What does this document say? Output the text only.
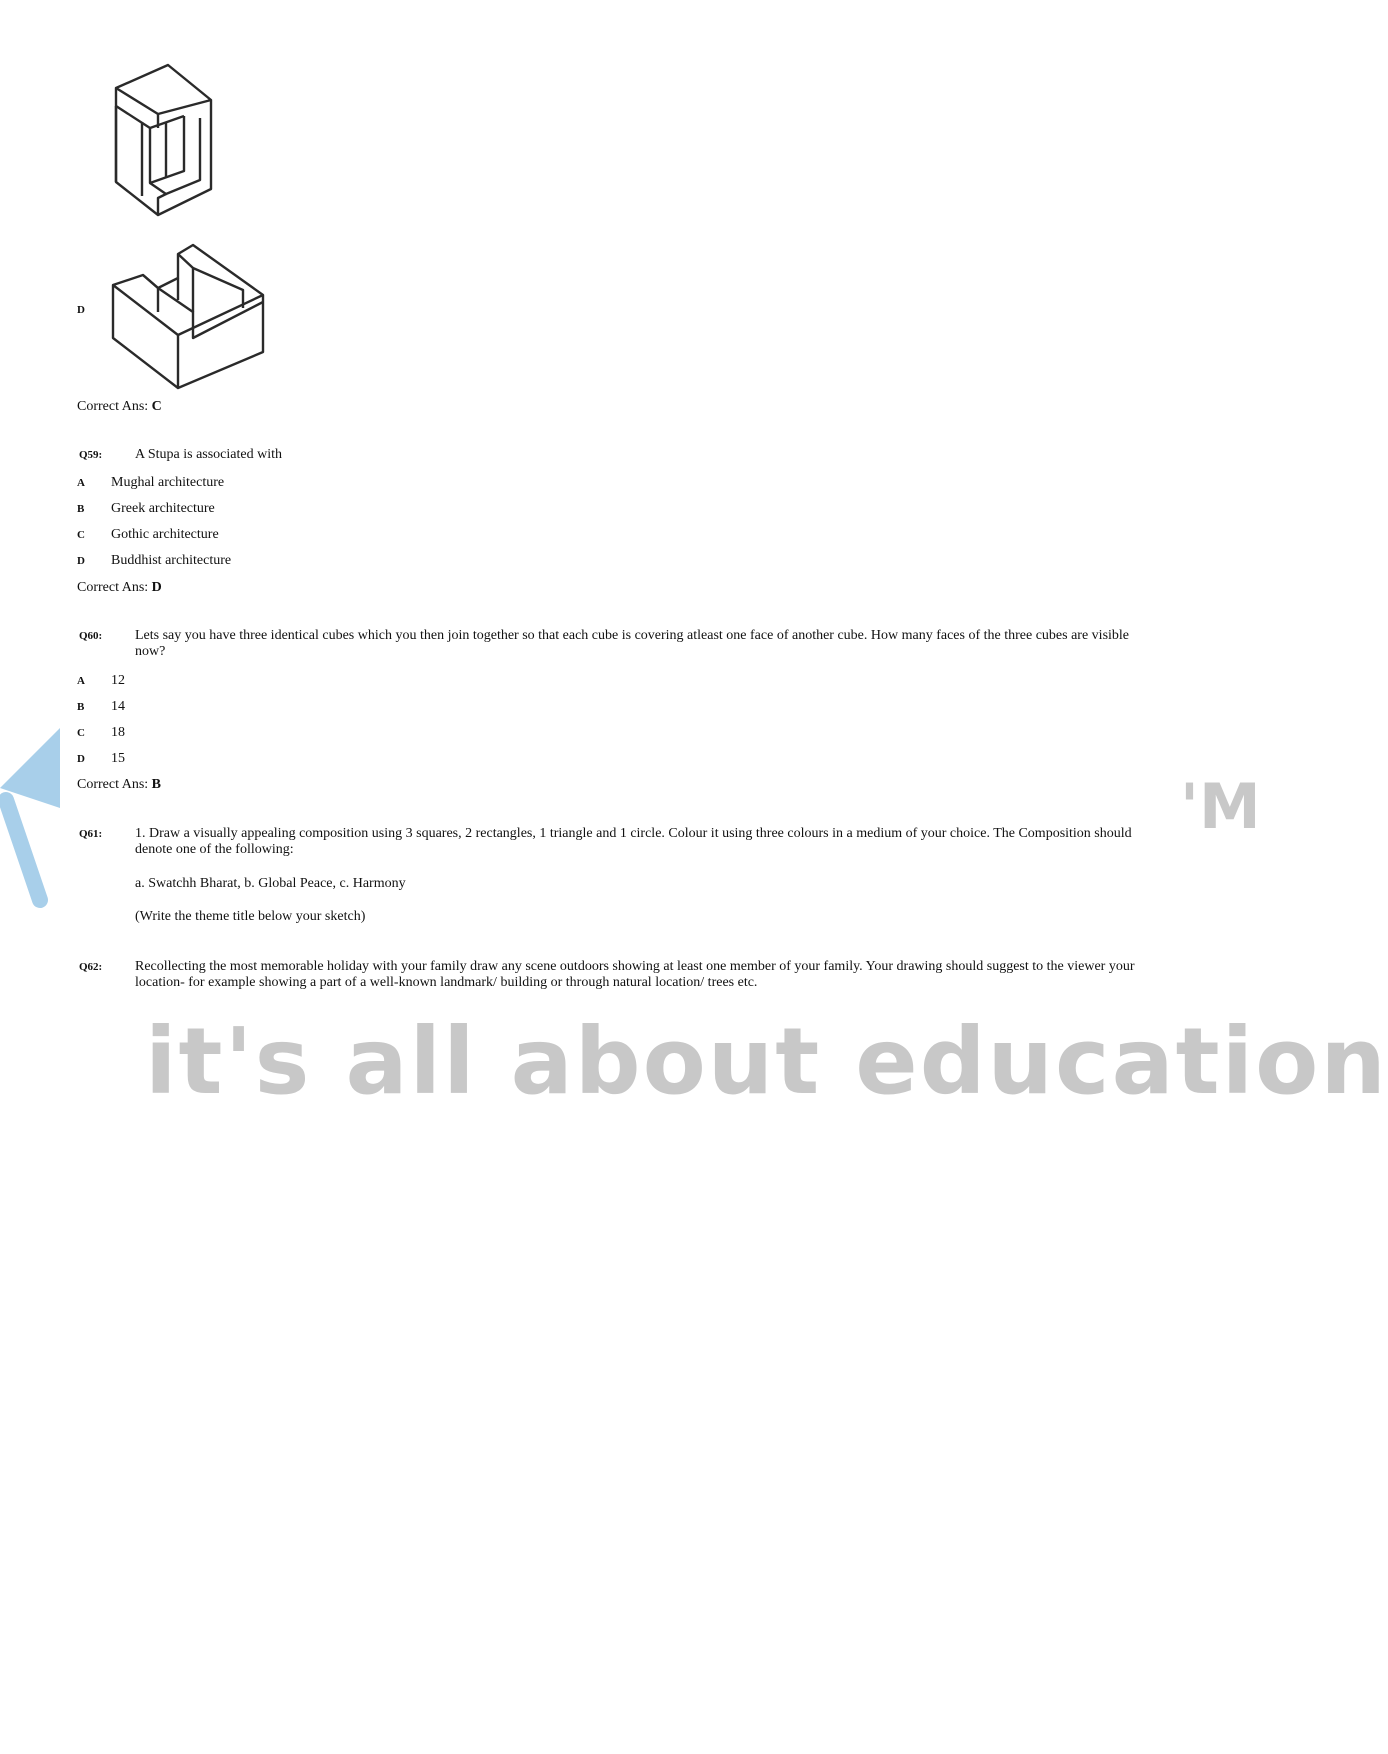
D
Correct Ans: C
Q59: A Stupa is associated with
A Mughal architecture
B Greek architecture
C Gothic architecture
D Buddhist architecture
Correct Ans: D
Q60: Lets say you have three identical cubes which you then join together so that each cube is covering atleast one face of another cube. How many faces of the three cubes are visible now?
A 12
B 14
C 18
D 15
Correct Ans: B
Q61: 1. Draw a visually appealing composition using 3 squares, 2 rectangles, 1 triangle and 1 circle. Colour it using three colours in a medium of your choice. The Composition should denote one of the following:
a. Swatchh Bharat, b. Global Peace, c. Harmony
(Write the theme title below your sketch)
Q62: Recollecting the most memorable holiday with your family draw any scene outdoors showing at least one member of your family. Your drawing should suggest to the viewer your location- for example showing a part of a well-known landmark/ building or through natural location/ trees etc.
'M
it's all about education
